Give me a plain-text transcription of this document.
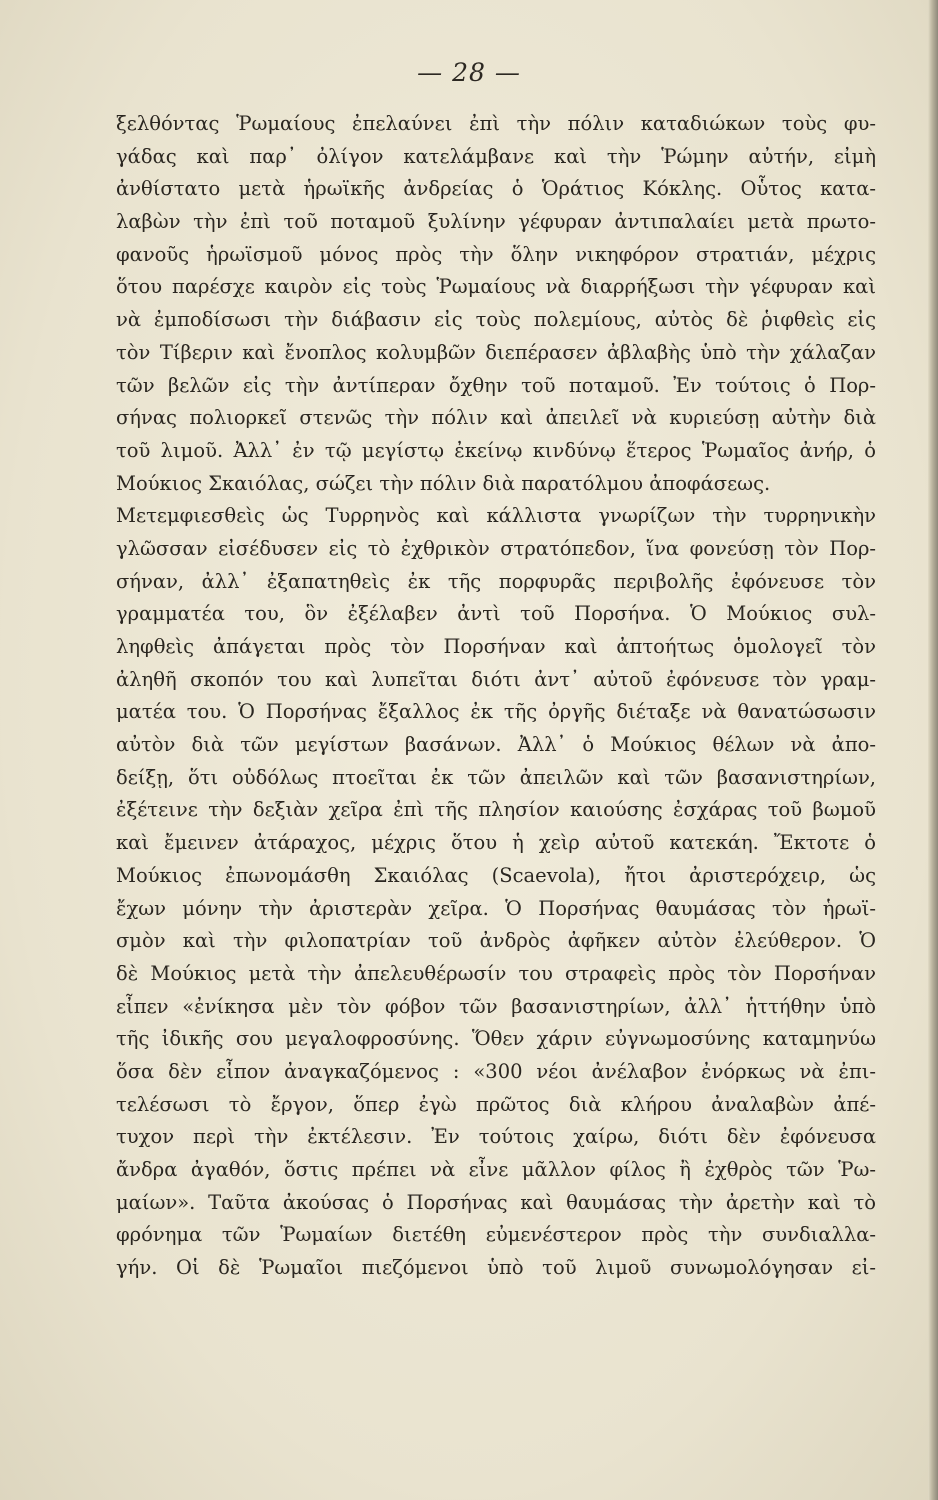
— 28 —
ξελθόντας Ῥωμαίους ἐπελαύνει ἐπὶ τὴν πόλιν καταδιώκων τοὺς φυ-
γάδας καὶ παρ᾿ ὀλίγον κατελάμβανε καὶ τὴν Ῥώμην αὐτήν, εἰμὴ
ἀνθίστατο μετὰ ἡρωϊκῆς ἀνδρείας ὁ Ὁράτιος Κόκλης. Οὗτος κατα-
λαβὼν τὴν ἐπὶ τοῦ ποταμοῦ ξυλίνην γέφυραν ἀντιπαλαίει μετὰ πρωτο-
φανοῦς ἡρωϊσμοῦ μόνος πρὸς τὴν ὅλην νικηφόρον στρατιάν, μέχρις
ὅτου παρέσχε καιρὸν εἰς τοὺς Ῥωμαίους νὰ διαρρήξωσι τὴν γέφυραν καὶ
νὰ ἐμποδίσωσι τὴν διάβασιν εἰς τοὺς πολεμίους, αὐτὸς δὲ ῥιφθεὶς εἰς
τὸν Τίβεριν καὶ ἔνοπλος κολυμβῶν διεπέρασεν ἀβλαβὴς ὑπὸ τὴν χάλαζαν
τῶν βελῶν εἰς τὴν ἀντίπεραν ὄχθην τοῦ ποταμοῦ. Ἐν τούτοις ὁ Πορ-
σήνας πολιορκεῖ στενῶς τὴν πόλιν καὶ ἀπειλεῖ νὰ κυριεύσῃ αὐτὴν διὰ
τοῦ λιμοῦ. Ἀλλ᾿ ἐν τῷ μεγίστῳ ἐκείνῳ κινδύνῳ ἕτερος Ῥωμαῖος ἀνήρ, ὁ
Μούκιος Σκαιόλας, σώζει τὴν πόλιν διὰ παρατόλμου ἀποφάσεως.
Μετεμφιεσθεὶς ὡς Τυρρηνὸς καὶ κάλλιστα γνωρίζων τὴν τυρρηνικὴν
γλῶσσαν εἰσέδυσεν εἰς τὸ ἐχθρικὸν στρατόπεδον, ἵνα φονεύσῃ τὸν Πορ-
σήναν, ἀλλ᾿ ἐξαπατηθεὶς ἐκ τῆς πορφυρᾶς περιβολῆς ἐφόνευσε τὸν
γραμματέα του, ὃν ἐξέλαβεν ἀντὶ τοῦ Πορσήνα. Ὁ Μούκιος συλ-
ληφθεὶς ἀπάγεται πρὸς τὸν Πορσήναν καὶ ἀπτοήτως ὁμολογεῖ τὸν
ἀληθῆ σκοπόν του καὶ λυπεῖται διότι ἀντ᾿ αὐτοῦ ἐφόνευσε τὸν γραμ-
ματέα του. Ὁ Πορσήνας ἔξαλλος ἐκ τῆς ὀργῆς διέταξε νὰ θανατώσωσιν
αὐτὸν διὰ τῶν μεγίστων βασάνων. Ἀλλ᾿ ὁ Μούκιος θέλων νὰ ἀπο-
δείξῃ, ὅτι οὐδόλως πτοεῖται ἐκ τῶν ἀπειλῶν καὶ τῶν βασανιστηρίων,
ἐξέτεινε τὴν δεξιὰν χεῖρα ἐπὶ τῆς πλησίον καιούσης ἐσχάρας τοῦ βωμοῦ
καὶ ἔμεινεν ἀτάραχος, μέχρις ὅτου ἡ χεὶρ αὐτοῦ κατεκάη. Ἔκτοτε ὁ
Μούκιος ἐπωνομάσθη Σκαιόλας (Scaevola), ἤτοι ἀριστερόχειρ, ὡς
ἔχων μόνην τὴν ἀριστερὰν χεῖρα. Ὁ Πορσήνας θαυμάσας τὸν ἡρωϊ-
σμὸν καὶ τὴν φιλοπατρίαν τοῦ ἀνδρὸς ἀφῆκεν αὐτὸν ἐλεύθερον. Ὁ
δὲ Μούκιος μετὰ τὴν ἀπελευθέρωσίν του στραφεὶς πρὸς τὸν Πορσήναν
εἶπεν «ἐνίκησα μὲν τὸν φόβον τῶν βασανιστηρίων, ἀλλ᾿ ἡττήθην ὑπὸ
τῆς ἰδικῆς σου μεγαλοφροσύνης. Ὅθεν χάριν εὐγνωμοσύνης καταμηνύω
ὅσα δὲν εἶπον ἀναγκαζόμενος : «300 νέοι ἀνέλαβον ἐνόρκως νὰ ἐπι-
τελέσωσι τὸ ἔργον, ὅπερ ἐγὼ πρῶτος διὰ κλήρου ἀναλαβὼν ἀπέ-
τυχον περὶ τὴν ἐκτέλεσιν. Ἐν τούτοις χαίρω, διότι δὲν ἐφόνευσα
ἄνδρα ἀγαθόν, ὅστις πρέπει νὰ εἶνε μᾶλλον φίλος ἢ ἐχθρὸς τῶν Ῥω-
μαίων». Ταῦτα ἀκούσας ὁ Πορσήνας καὶ θαυμάσας τὴν ἀρετὴν καὶ τὸ
φρόνημα τῶν Ῥωμαίων διετέθη εὐμενέστερον πρὸς τὴν συνδιαλλα-
γήν. Οἱ δὲ Ῥωμαῖοι πιεζόμενοι ὑπὸ τοῦ λιμοῦ συνωμολόγησαν εἰ-
